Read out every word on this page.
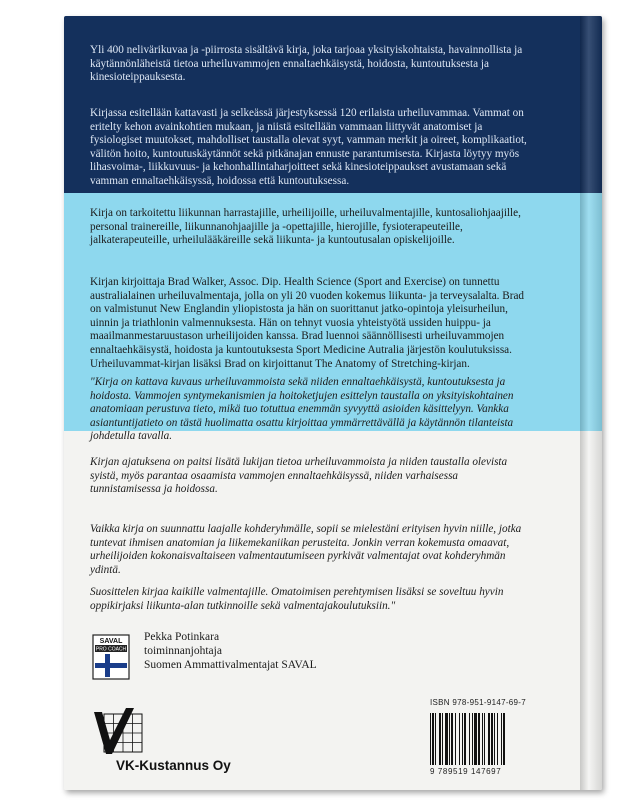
Yli 400 nelivärikuvaa ja -piirrosta sisältävä kirja, joka tarjoaa yksityiskohtaista, havainnollista ja käytännönläheistä tietoa urheiluvammojen ennaltaehkäisystä, hoidosta, kuntoutuksesta ja kinesioteippauksesta.

Kirjassa esitellään kattavasti ja selkeässä järjestyksessä 120 erilaista urheiluvammaa. Vammat on eritelty kehon avainkohtien mukaan, ja niistä esitellään vammaan liittyvät anatomiset ja fysiologiset muutokset, mahdolliset taustalla olevat syyt, vamman merkit ja oireet, komplikaatiot, välitön hoito, kuntoutuskäytännöt sekä pitkänajan ennuste parantumisesta. Kirjasta löytyy myös lihasvoima-, liikkuvuus- ja kehonhallintaharjoitteet sekä kinesioteippaukset avustamaan sekä vamman ennaltaehkäisyssä, hoidossa että kuntoutuksessa.

Kirja on tarkoitettu liikunnan harrastajille, urheilijoille, urheiluvalmentajille, kuntosaliohjaajille, personal trainereille, liikunnanohjaajille ja -opettajille, hierojille, fysioterapeuteille, jalkaterapeuteille, urheilulääkäreille sekä liikunta- ja kuntoutusalan opiskelijoille.

Kirjan kirjoittaja Brad Walker, Assoc. Dip. Health Science (Sport and Exercise) on tunnettu australialainen urheiluvalmentaja, jolla on yli 20 vuoden kokemus liikunta- ja terveysalalta. Brad on valmistunut New Englandin yliopistosta ja hän on suorittanut jatko-opintoja yleisurheilun, uinnin ja triathlonin valmennuksesta. Hän on tehnyt vuosia yhteistyötä ussiden huippu- ja maailmanmestaruustason urheilijoiden kanssa. Brad luennoi säännöllisesti urheiluvammojen ennaltaehkäisystä, hoidosta ja kuntoutuksesta Sport Medicine Autralia järjestön koulutuksissa. Urheiluvammat-kirjan lisäksi Brad on kirjoittanut The Anatomy of Stretching-kirjan.

"Kirja on kattava kuvaus urheiluvammoista sekä niiden ennaltaehkäisystä, kuntoutuksesta ja hoidosta. Vammojen syntymekanismien ja hoitoketjujen esittelyn taustalla on yksityiskohtainen anatomiaan perustuva tieto, mikä tuo totuttua enemmän syvyyttä asioiden käsittelyyn. Vankka asiantuntijatieto on tästä huolimatta osattu kirjoittaa ymmärrettävällä ja käytännön tilanteista johdetulla tavalla.

Kirjan ajatuksena on paitsi lisätä lukijan tietoa urheiluvammoista ja niiden taustalla olevista syistä, myös parantaa osaamista vammojen ennaltaehkäisyssä, niiden varhaisessa tunnistamisessa ja hoidossa.

Vaikka kirja on suunnattu laajalle kohderyhmälle, sopii se mielestäni erityisen hyvin niille, jotka tuntevat ihmisen anatomian ja liikemekaniikan perusteita. Jonkin verran kokemusta omaavat, urheilijoiden kokonaisvaltaiseen valmentautumiseen pyrkivät valmentajat ovat kohderyhmän ydintä.

Suosittelen kirjaa kaikille valmentajille. Omatoimisen perehtymisen lisäksi se soveltuu hyvin oppikirjaksi liikunta-alan tutkinnoille sekä valmentajakoulutuksiin."

SAVAL
PRO COACH
Pekka Potinkara
toiminnanjohtaja
Suomen Ammattivalmentajat SAVAL
ISBN 978-951-9147-69-7
9 789519 147697
VK-Kustannus Oy
